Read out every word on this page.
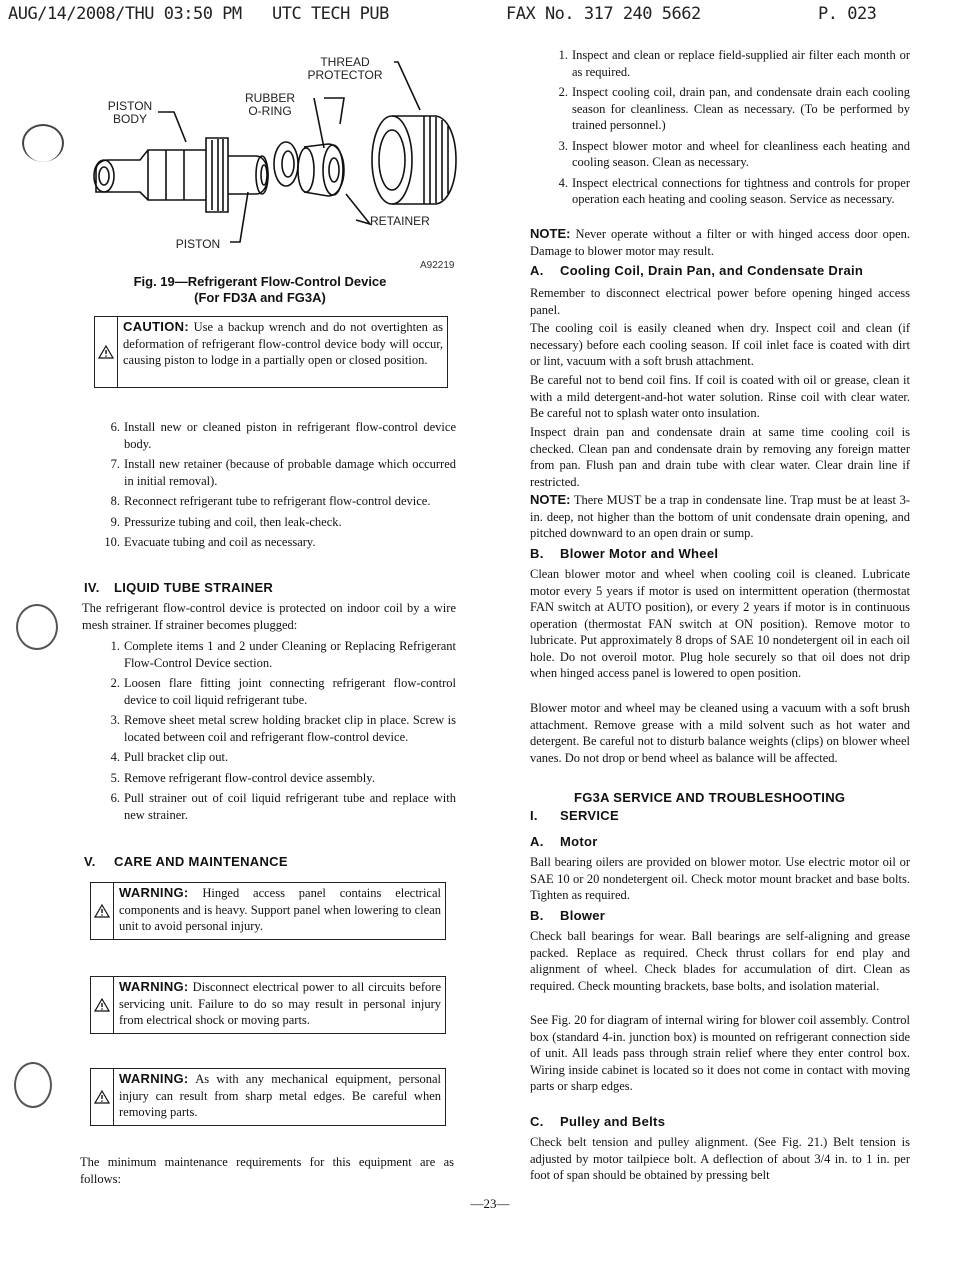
AUG/14/2008/THU 03:50 PM UTC TECH PUB	FAX No. 317 240 5662	P. 023
THREAD
PROTECTOR
RUBBER
O-RING
PISTON
BODY
RETAINER
PISTON
A92219
Fig. 19—Refrigerant Flow-Control Device
(For FD3A and FG3A)
CAUTION: Use a backup wrench and do not overtighten as deformation of refrigerant flow-control device body will occur, causing piston to lodge in a partially open or closed position.
6. Install new or cleaned piston in refrigerant flow-control device body.
7. Install new retainer (because of probable damage which occurred in initial removal).
8. Reconnect refrigerant tube to refrigerant flow-control device.
9. Pressurize tubing and coil, then leak-check.
10. Evacuate tubing and coil as necessary.
IV. LIQUID TUBE STRAINER

The refrigerant flow-control device is protected on indoor coil by a wire mesh strainer. If strainer becomes plugged:

1. Complete items 1 and 2 under Cleaning or Replacing Refrigerant Flow-Control Device section.
2. Loosen flare fitting joint connecting refrigerant flow-control device to coil liquid refrigerant tube.
3. Remove sheet metal screw holding bracket clip in place. Screw is located between coil and refrigerant flow-control device.
4. Pull bracket clip out.
5. Remove refrigerant flow-control device assembly.
6. Pull strainer out of coil liquid refrigerant tube and replace with new strainer.
V. CARE AND MAINTENANCE
WARNING: Hinged access panel contains electrical components and is heavy. Support panel when lowering to clean unit to avoid personal injury.
WARNING: Disconnect electrical power to all circuits before servicing unit. Failure to do so may result in personal injury from electrical shock or moving parts.
WARNING: As with any mechanical equipment, personal injury can result from sharp metal edges. Be careful when removing parts.

The minimum maintenance requirements for this equipment are as follows:

1. Inspect and clean or replace field-supplied air filter each month or as required.
2. Inspect cooling coil, drain pan, and condensate drain each cooling season for cleanliness. Clean as necessary. (To be performed by trained personnel.)
3. Inspect blower motor and wheel for cleanliness each heating and cooling season. Clean as necessary.
4. Inspect electrical connections for tightness and controls for proper operation each heating and cooling season. Service as necessary.

NOTE: Never operate without a filter or with hinged access door open. Damage to blower motor may result.

A. Cooling Coil, Drain Pan, and Condensate Drain

Remember to disconnect electrical power before opening hinged access panel.

The cooling coil is easily cleaned when dry. Inspect coil and clean (if necessary) before each cooling season. If coil inlet face is coated with dirt or lint, vacuum with a soft brush attachment.

Be careful not to bend coil fins. If coil is coated with oil or grease, clean it with a mild detergent-and-hot water solution. Rinse coil with clear water. Be careful not to splash water onto insulation.

Inspect drain pan and condensate drain at same time cooling coil is checked. Clean pan and condensate drain by removing any foreign matter from pan. Flush pan and drain tube with clear water. Clear drain line if restricted.

NOTE: There MUST be a trap in condensate line. Trap must be at least 3-in. deep, not higher than the bottom of unit condensate drain opening, and pitched downward to an open drain or sump.

B. Blower Motor and Wheel

Clean blower motor and wheel when cooling coil is cleaned. Lubricate motor every 5 years if motor is used on intermittent operation (thermostat FAN switch at AUTO position), or every 2 years if motor is in continuous operation (thermostat FAN switch at ON position). Remove motor to lubricate. Put approximately 8 drops of SAE 10 nondetergent oil in each oil hole. Do not overoil motor. Plug hole securely so that oil does not drip when hinged access panel is lowered to open position.

Blower motor and wheel may be cleaned using a vacuum with a soft brush attachment. Remove grease with a mild solvent such as hot water and detergent. Be careful not to disturb balance weights (clips) on blower wheel vanes. Do not drop or bend wheel as balance will be affected.

FG3A SERVICE AND TROUBLESHOOTING
I. SERVICE
A. Motor

Ball bearing oilers are provided on blower motor. Use electric motor oil or SAE 10 or 20 nondetergent oil. Check motor mount bracket and base bolts. Tighten as required.

B. Blower

Check ball bearings for wear. Ball bearings are self-aligning and grease packed. Replace as required. Check thrust collars for end play and alignment of wheel. Check blades for accumulation of dirt. Clean as required. Check mounting brackets, base bolts, and isolation material.

See Fig. 20 for diagram of internal wiring for blower coil assembly. Control box (standard 4-in. junction box) is mounted on refrigerant connection side of unit. All leads pass through strain relief where they enter control box. Wiring inside cabinet is located so it does not come in contact with moving parts or sharp edges.

C. Pulley and Belts

Check belt tension and pulley alignment. (See Fig. 21.) Belt tension is adjusted by motor tailpiece bolt. A deflection of about 3/4 in. to 1 in. per foot of span should be obtained by pressing belt

—23—
